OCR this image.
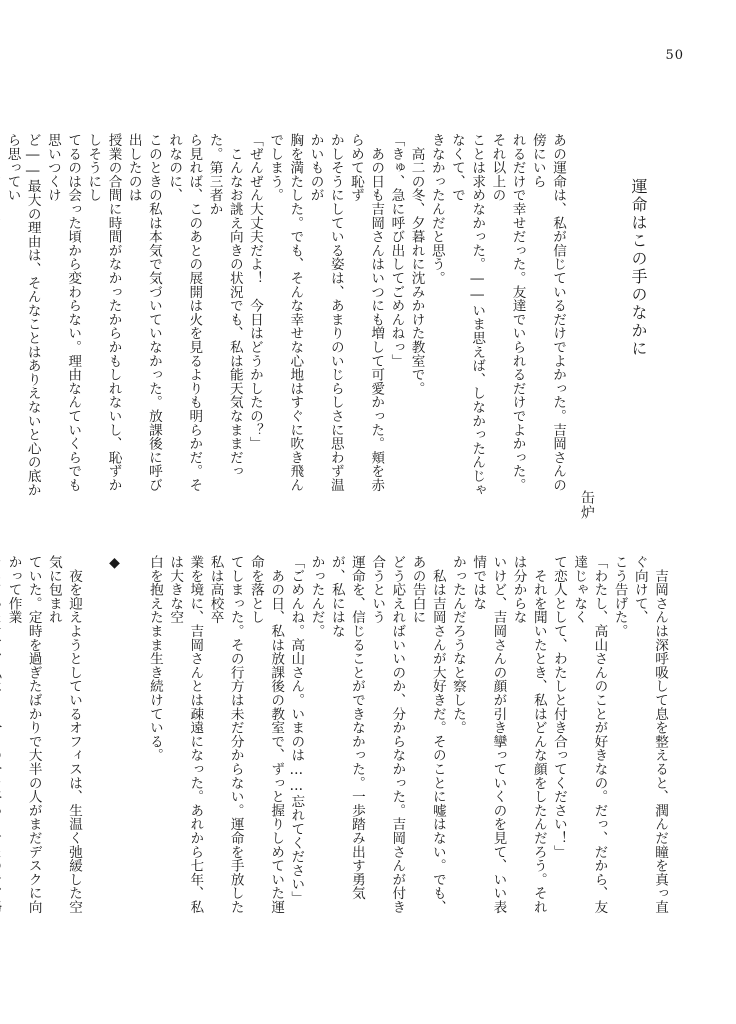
50
運命はこの手のなかに
缶炉
あの運命は、私が信じているだけでよかった。吉岡さんの傍にいら
れるだけで幸せだった。友達でいられるだけでよかった。それ以上の
ことは求めなかった。――いま思えば、しなかったんじゃなくて、で
きなかったんだと思う。
　高二の冬、夕暮れに沈みかけた教室で。
「きゅ、急に呼び出してごめんねっ」
　あの日も吉岡さんはいつにも増して可愛かった。頬を赤らめて恥ず
かしそうにしている姿は、あまりのいじらしさに思わず温かいものが
胸を満たした。でも、そんな幸せな心地はすぐに吹き飛んでしまう。
「ぜんぜん大丈夫だよ！　今日はどうかしたの？」
　こんなお誂え向きの状況でも、私は能天気なままだった。第三者か
ら見れば、このあとの展開は火を見るよりも明らかだ。それなのに、
このときの私は本気で気づいていなかった。放課後に呼び出したのは
授業の合間に時間がなかったからかもしれないし、恥ずかしそうにし
てるのは会った頃から変わらない。理由なんていくらでも思いつくけ
ど――最大の理由は、そんなことはありえないと心の底から思ってい
　吉岡さんは深呼吸して息を整えると、潤んだ瞳を真っ直ぐ向けて、
こう告げた。
「わたし、高山さんのことが好きなの。だっ、だから、友達じゃなく
て恋人として、わたしと付き合ってください！」
　それを聞いたとき、私はどんな顔をしたんだろう。それは分からな
いけど、吉岡さんの顔が引き攣っていくのを見て、いい表情ではな
かったんだろうなと察した。
　私は吉岡さんが大好きだ。そのことに嘘はない。でも、あの告白に
どう応えればいいのか、分からなかった。吉岡さんが付き合うという
運命を、信じることができなかった。一歩踏み出す勇気が、私にはな
かったんだ。
「ごめんね。高山さん。いまのは……忘れてください」
　あの日、私は放課後の教室で、ずっと握りしめていた運命を落とし
てしまった。その行方は未だ分からない。運命を手放した私は高校卒
業を境に、吉岡さんとは疎遠になった。あれから七年、私は大きな空
白を抱えたまま生き続けている。

◆

　夜を迎えようとしているオフィスは、生温く弛緩した空気に包まれ
ていた。定時を過ぎたばかりで大半の人がまだデスクに向かって作業
